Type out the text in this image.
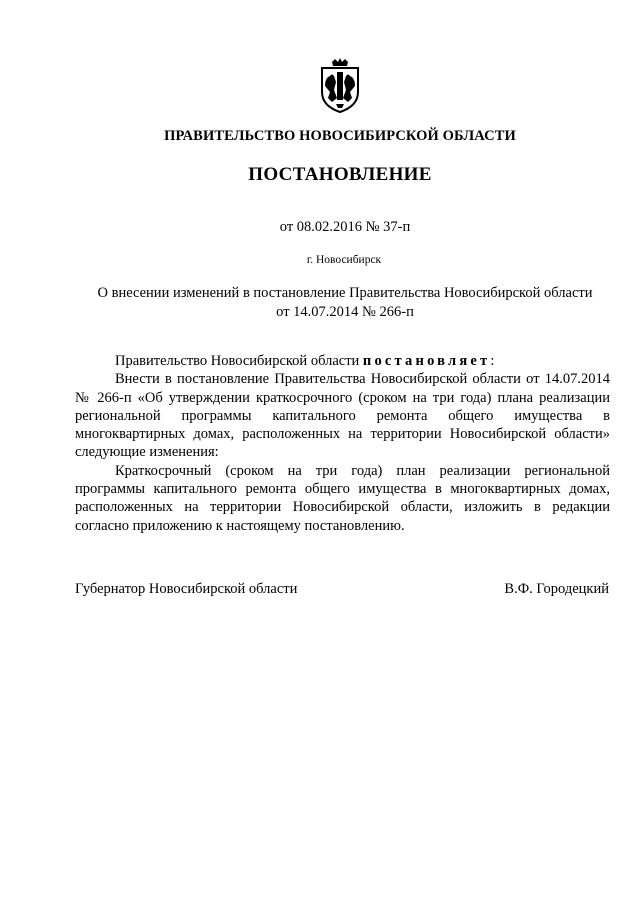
ПРАВИТЕЛЬСТВО НОВОСИБИРСКОЙ ОБЛАСТИ
ПОСТАНОВЛЕНИЕ
от 08.02.2016 № 37-п
г. Новосибирск
О внесении изменений в постановление Правительства Новосибирской области
от 14.07.2014 № 266-п

Правительство Новосибирской области постановляет:

Внести в постановление Правительства Новосибирской области от 14.07.2014 № 266-п «Об утверждении краткосрочного (сроком на три года) плана реализации региональной программы капитального ремонта общего имущества в многоквартирных домах, расположенных на территории Новосибирской области» следующие изменения:

Краткосрочный (сроком на три года) план реализации региональной программы капитального ремонта общего имущества в многоквартирных домах, расположенных на территории Новосибирской области, изложить в редакции согласно приложению к настоящему постановлению.

Губернатор Новосибирской области	В.Ф. Городецкий
